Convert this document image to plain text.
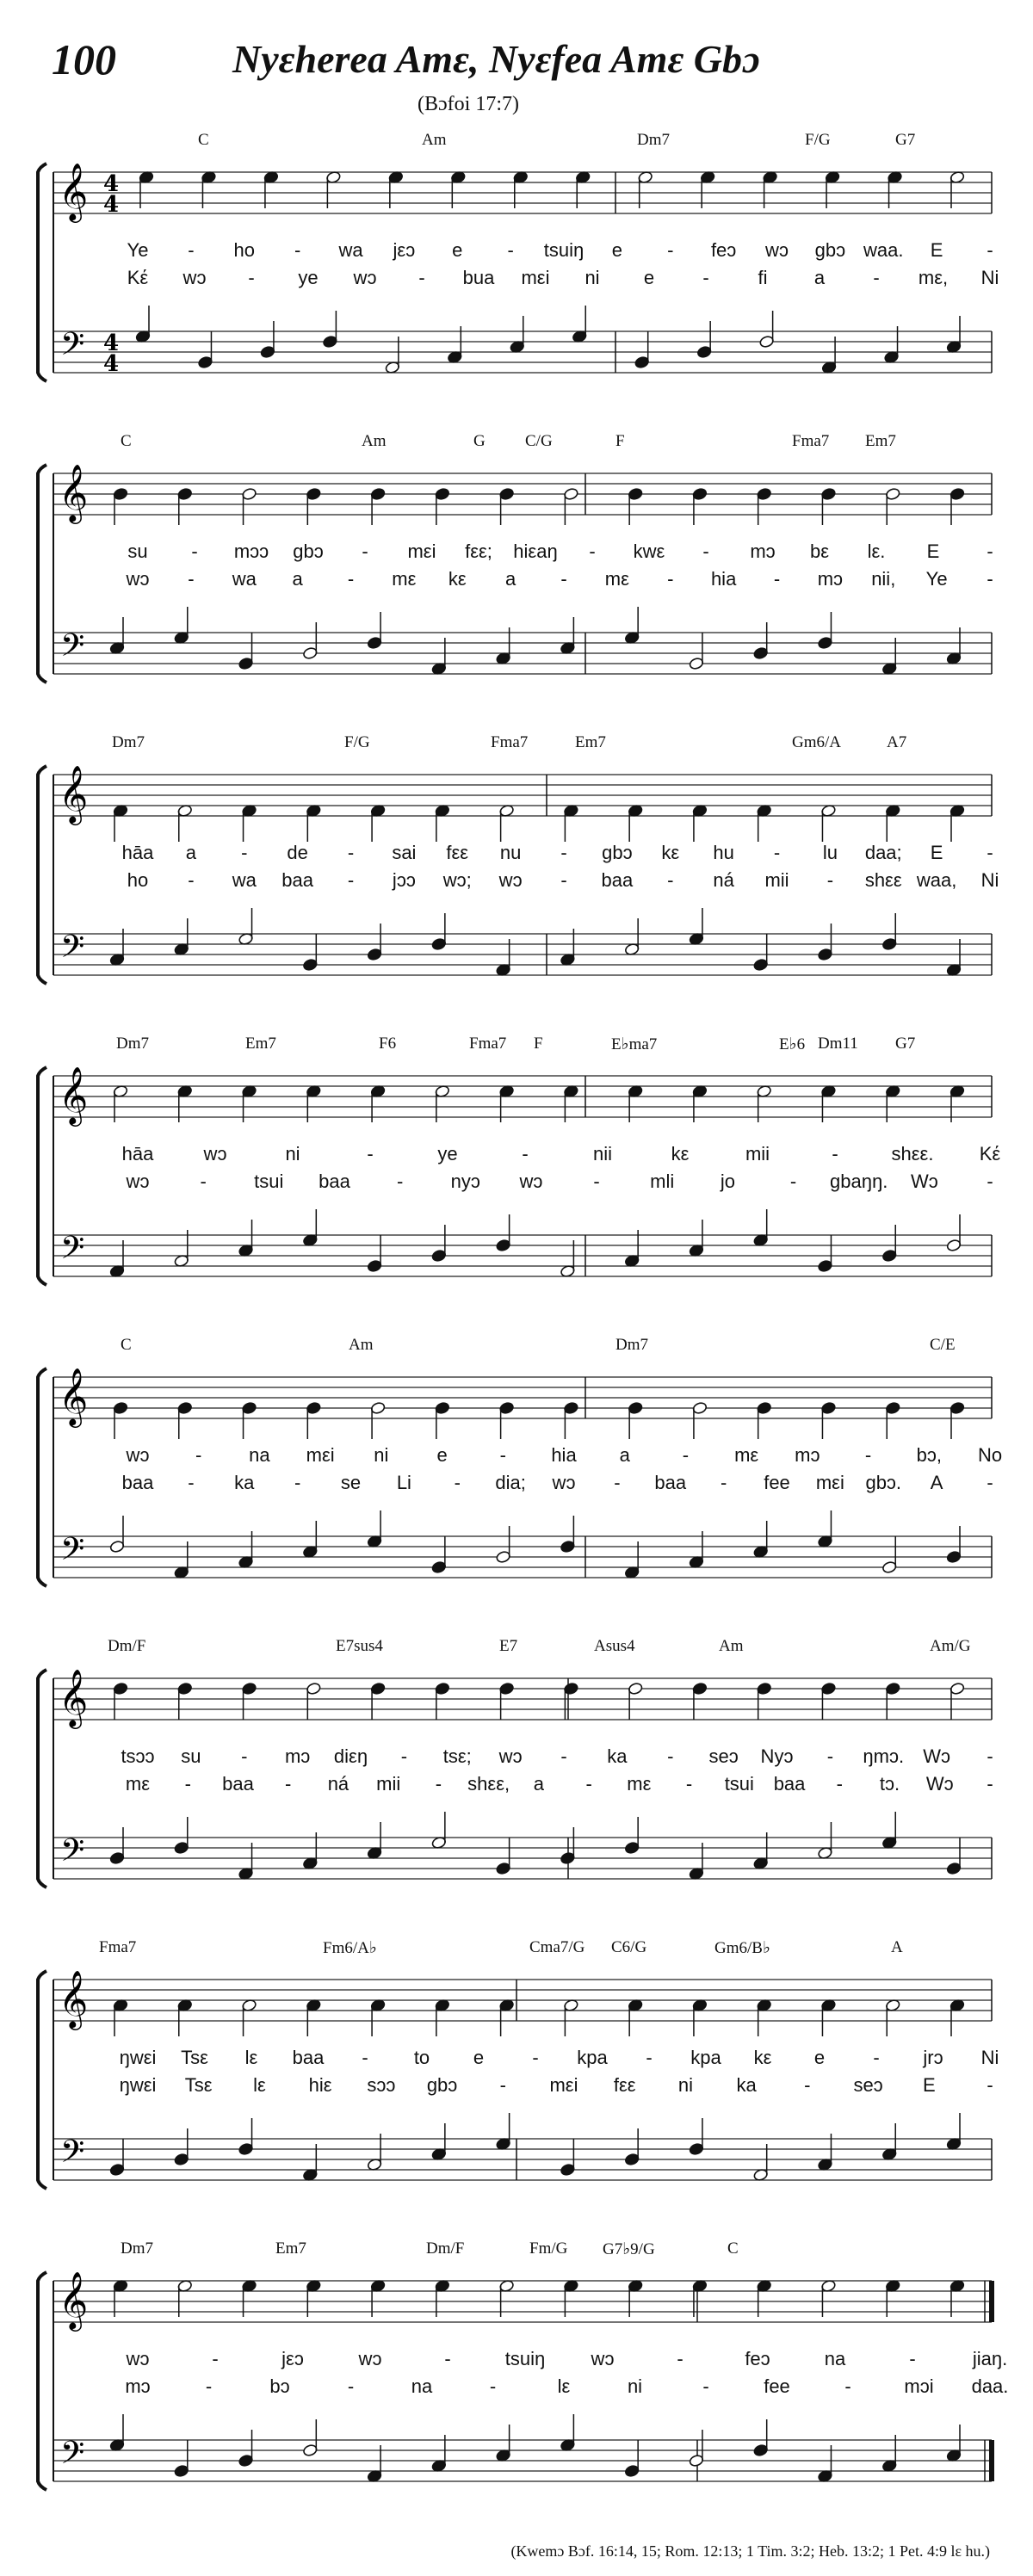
100	Nyεherea Amε, Nyεfea Amε Gbɔ
(Bɔfoi 17:7)
𝄞
𝄢
4
4
4
4
C	Am	Dm7	F/G	G7
Ye - ho - wa jεɔ e - tsuiŋ e - feɔ wɔ gbɔ waa. E -
Kέ wɔ - ye wɔ - bua mεi ni e	-	fi a	- mε, Ni
𝄞
𝄢
C	Am	G C/G	F	Fma7 Em7
su - mɔɔ gbɔ - mεi fεε; hiεaŋ - kwε - mɔ bε lε. E -
wɔ - wa a - mε kε a - mε - hia - mɔ nii, Ye -
𝄞
𝄢
Dm7	F/G	Fma7	Em7	Gm6/A	A7
hāa a - de - sai fεε nu - gbɔ kε hu - lu daa; E -
ho - wa baa - jɔɔ wɔ; wɔ - baa - ná mii - shεε waa, Ni
𝄞
𝄢
Dm7	Em7	F6	Fma7 F	E♭ma7	E♭6 Dm11 G7
hāa	wɔ	ni	-	ye	-	nii	kε	mii	-	shεε. Kέ
wɔ	-	tsui baa -	nyɔ wɔ	-	mli jo	- gbaŋŋ. Wɔ	-
𝄞
𝄢
C	Am	Dm7	C/E
wɔ - na mεi ni	e	- hia a	- mε mɔ - bɔ, No
baa - ka - se Li - dia; wɔ - baa - fee mεi gbɔ. A -
𝄞
𝄢
Dm/F	E7sus4	E7	Asus4	Am	Am/G
tsɔɔ su - mɔ diεŋ - tsε; wɔ - ka - seɔ Nyɔ - ŋmɔ. Wɔ -
mε - baa - ná mii - shεε, a - mε - tsui baa - tɔ. Wɔ -
𝄞
𝄢
Fma7	Fm6/A♭	Cma7/G C6/G	Gm6/B♭	A
ŋwεi Tsε lε baa - to e	- kpa - kpa kε e	- jrɔ Ni
ŋwεi Tsε lε hiε sɔɔ gbɔ - mεi fεε ni ka	- seɔ E	-
𝄞
𝄢
Dm7	Em7	Dm/F	Fm/G G7♭9/G	C
wɔ	-	jεɔ	wɔ	-	tsuiŋ wɔ	-	feɔ	na	-	jiaŋ.
mɔ	-	bɔ	-	na	-	lε	ni	-	fee	-	mɔi daa.
(Kwemɔ Bɔf. 16:14, 15; Rom. 12:13; 1 Tim. 3:2; Heb. 13:2; 1 Pet. 4:9 lε hu.)
